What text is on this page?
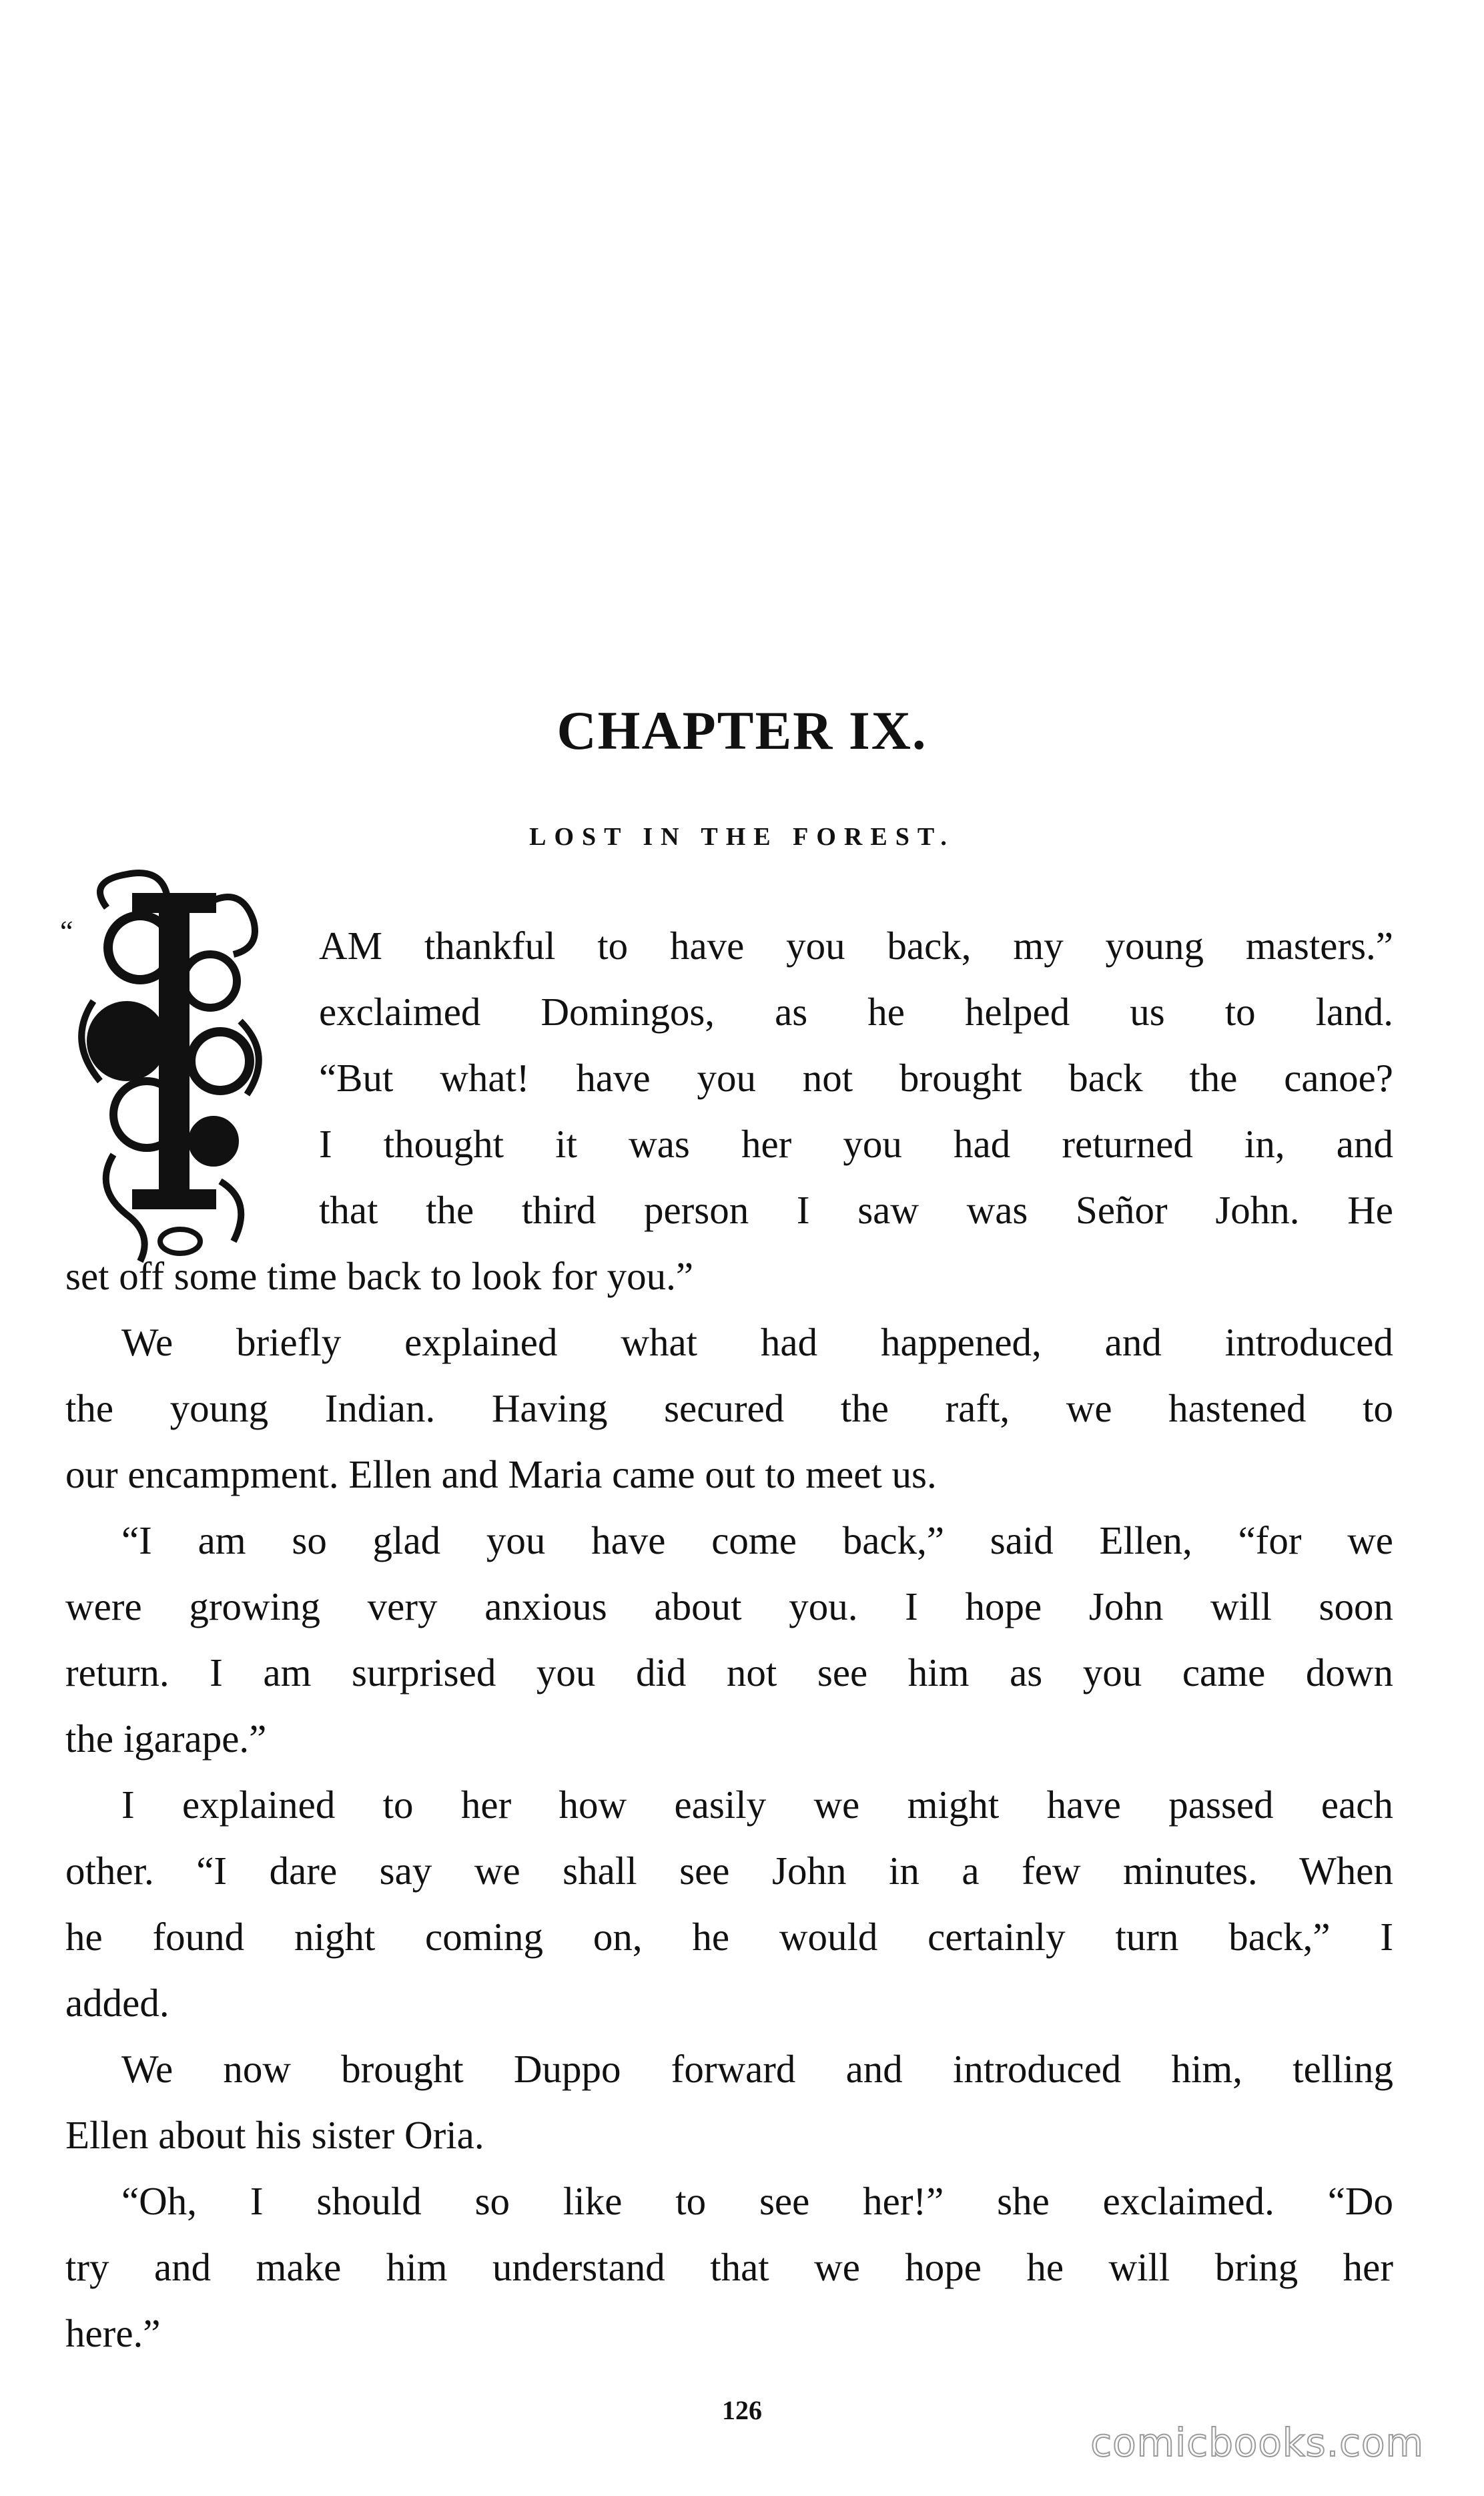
CHAPTER IX.
LOST IN THE FOREST.
“	AM thankful to have you back, my young masters.”
exclaimed Domingos, as he helped us to land.
“But what! have you not brought back the canoe?
I thought it was her you had returned in, and
that the third person I saw was Señor John. He
set off some time back to look for you.”
We briefly explained what had happened, and introduced
the young Indian. Having secured the raft, we hastened to
our encampment. Ellen and Maria came out to meet us.
“I am so glad you have come back,” said Ellen, “for we
were growing very anxious about you. I hope John will soon
return. I am surprised you did not see him as you came down
the igarape.”
I explained to her how easily we might have passed each
other. “I dare say we shall see John in a few minutes. When
he found night coming on, he would certainly turn back,” I
added.
We now brought Duppo forward and introduced him, telling
Ellen about his sister Oria.
“Oh, I should so like to see her!” she exclaimed. “Do
try and make him understand that we hope he will bring her
here.”
126
comicbooks.com
